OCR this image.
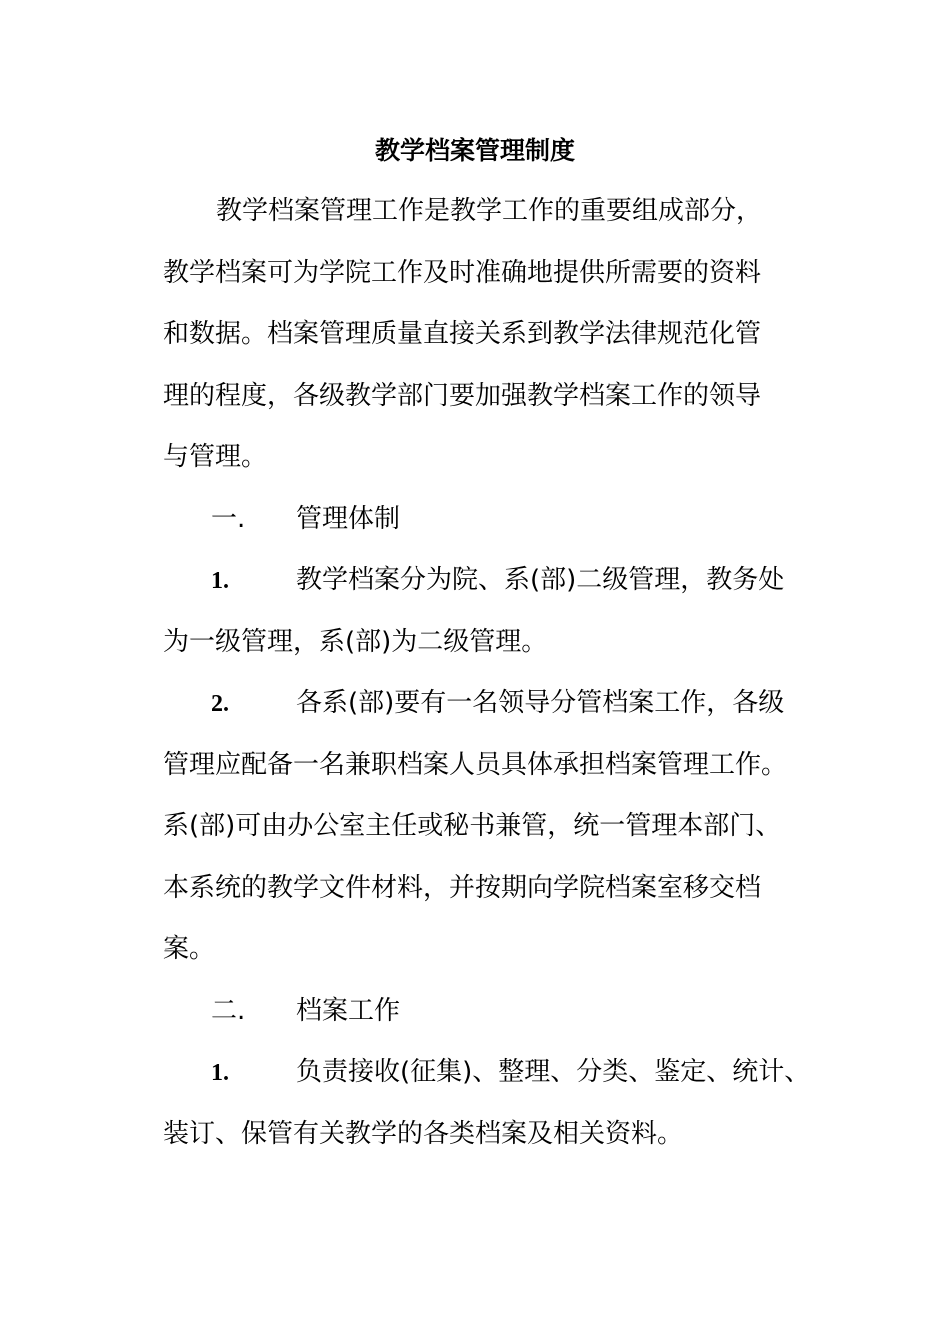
教学档案管理制度
教学档案管理工作是教学工作的重要组成部分，
教学档案可为学院工作及时准确地提供所需要的资料
和数据。档案管理质量直接关系到教学法律规范化管
理的程度，各级教学部门要加强教学档案工作的领导
与管理。
一. 管理体制
1.	教学档案分为院、系(部)二级管理，教务处
为一级管理，系(部)为二级管理。
2.	各系(部)要有一名领导分管档案工作，各级
管理应配备一名兼职档案人员具体承担档案管理工作。
系(部)可由办公室主任或秘书兼管，统一管理本部门、
本系统的教学文件材料，并按期向学院档案室移交档
案。
二. 档案工作
1.	负责接收(征集)、整理、分类、鉴定、统计、
装订、保管有关教学的各类档案及相关资料。
